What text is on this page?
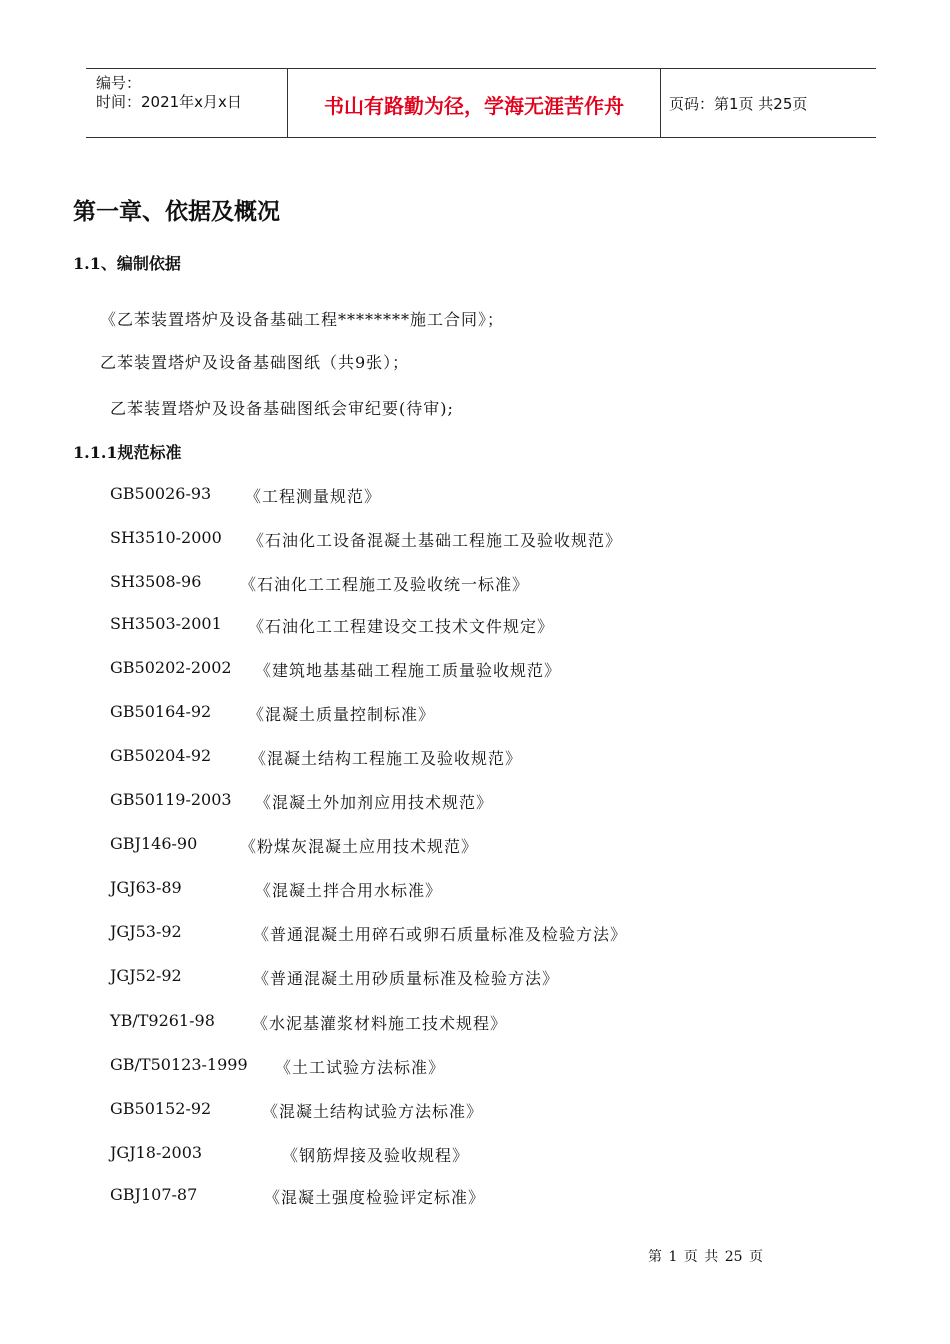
编号：
时间：2021年x月x日	书山有路勤为径，学海无涯苦作舟	页码：第1页 共25页
第一章、依据及概况
1.1、编制依据
《乙苯装置塔炉及设备基础工程********施工合同》；
乙苯装置塔炉及设备基础图纸（共9张）；
乙苯装置塔炉及设备基础图纸会审纪要(待审);
1.1.1规范标准
GB50026-93 《工程测量规范》
SH3510-2000 《石油化工设备混凝土基础工程施工及验收规范》
SH3508-96 《石油化工工程施工及验收统一标准》
SH3503-2001 《石油化工工程建设交工技术文件规定》
GB50202-2002 《建筑地基基础工程施工质量验收规范》
GB50164-92 《混凝土质量控制标准》
GB50204-92 《混凝土结构工程施工及验收规范》
GB50119-2003 《混凝土外加剂应用技术规范》
GBJ146-90	《粉煤灰混凝土应用技术规范》
JGJ63-89	《混凝土拌合用水标准》
JGJ53-92	《普通混凝土用碎石或卵石质量标准及检验方法》
JGJ52-92	《普通混凝土用砂质量标准及检验方法》
YB/T9261-98 《水泥基灌浆材料施工技术规程》
GB/T50123-1999 《土工试验方法标准》
GB50152-92	《混凝土结构试验方法标准》
JGJ18-2003	《钢筋焊接及验收规程》
GBJ107-87	《混凝土强度检验评定标准》
第 1 页 共 25 页
